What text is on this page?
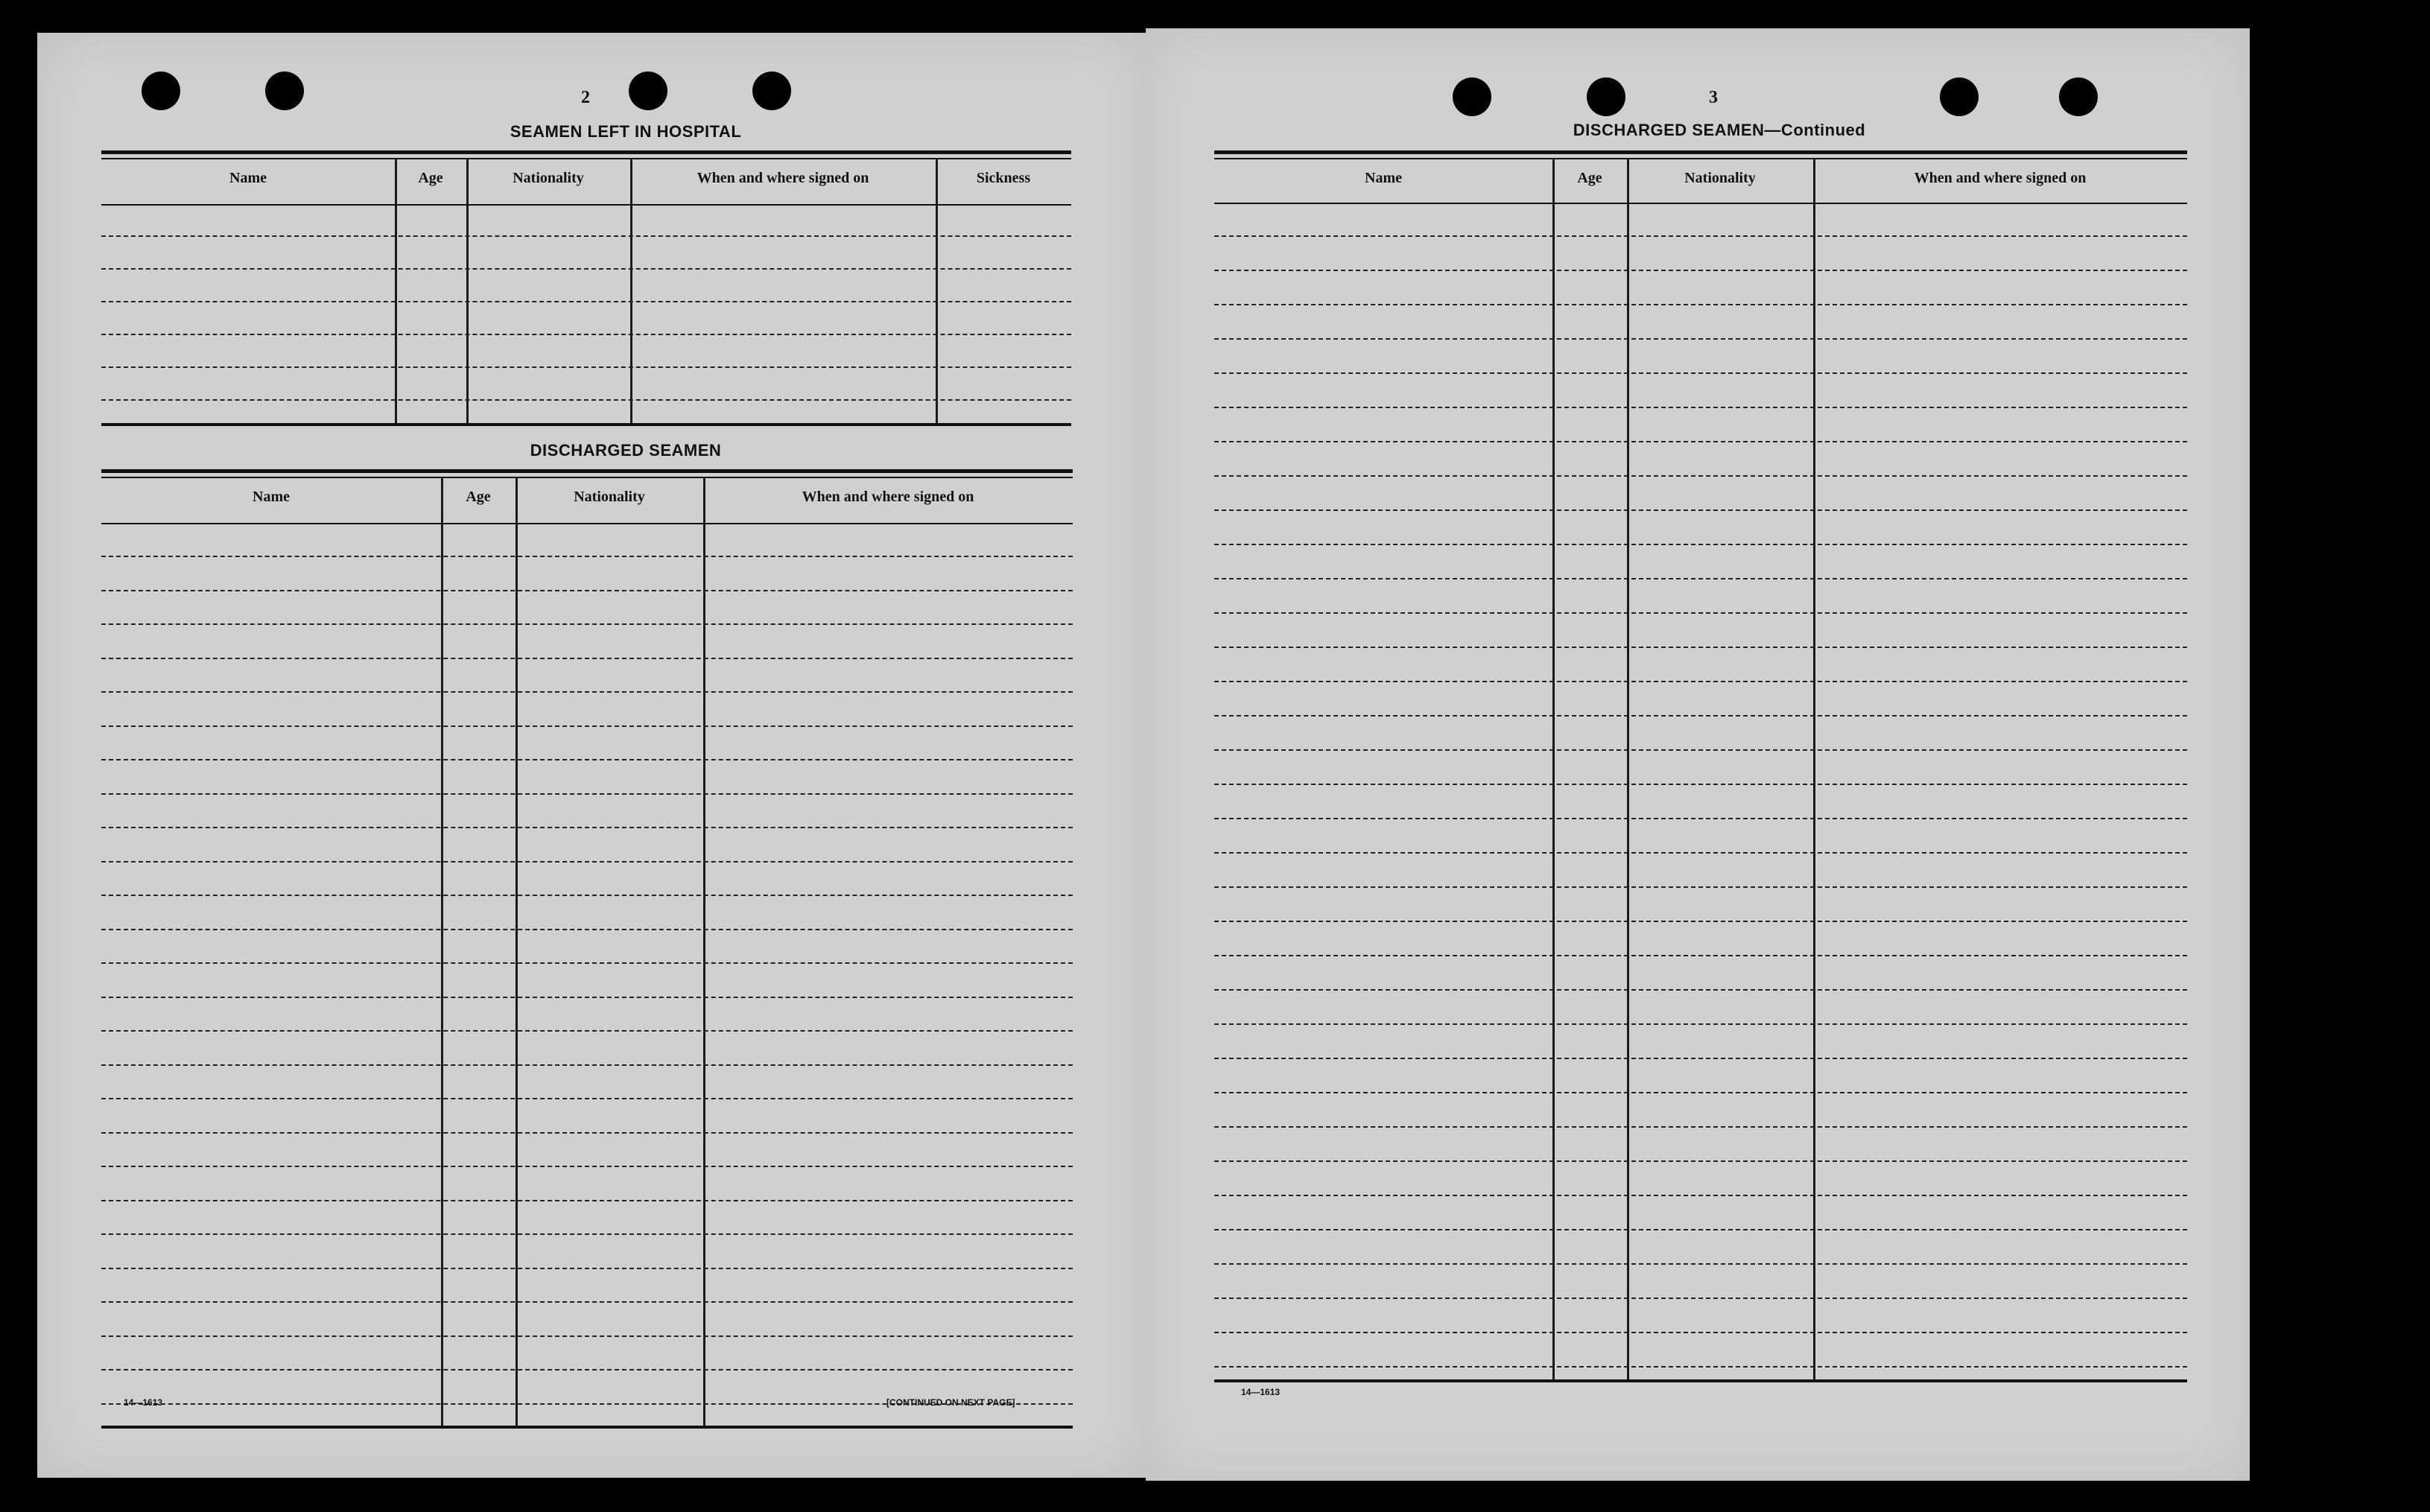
2
SEAMEN LEFT IN HOSPITAL
Name	Age	Nationality	When and where signed on	Sickness
DISCHARGED SEAMEN
Name	Age	Nationality	When and where signed on
14—1613	[CONTINUED ON NEXT PAGE]
3
DISCHARGED SEAMEN—Continued
Name	Age	Nationality	When and where signed on
14—1613
